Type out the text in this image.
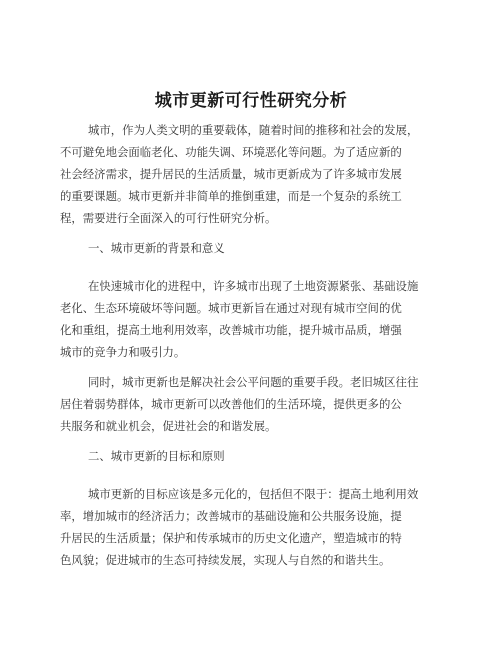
城市更新可行性研究分析
城市，作为人类文明的重要载体，随着时间的推移和社会的发展，
不可避免地会面临老化、功能失调、环境恶化等问题。为了适应新的
社会经济需求，提升居民的生活质量，城市更新成为了许多城市发展
的重要课题。城市更新并非简单的推倒重建，而是一个复杂的系统工
程，需要进行全面深入的可行性研究分析。
一、城市更新的背景和意义
在快速城市化的进程中，许多城市出现了土地资源紧张、基础设施
老化、生态环境破坏等问题。城市更新旨在通过对现有城市空间的优
化和重组，提高土地利用效率，改善城市功能，提升城市品质，增强
城市的竞争力和吸引力。
同时，城市更新也是解决社会公平问题的重要手段。老旧城区往往
居住着弱势群体，城市更新可以改善他们的生活环境，提供更多的公
共服务和就业机会，促进社会的和谐发展。
二、城市更新的目标和原则
城市更新的目标应该是多元化的，包括但不限于：提高土地利用效
率，增加城市的经济活力；改善城市的基础设施和公共服务设施，提
升居民的生活质量；保护和传承城市的历史文化遗产，塑造城市的特
色风貌；促进城市的生态可持续发展，实现人与自然的和谐共生。
